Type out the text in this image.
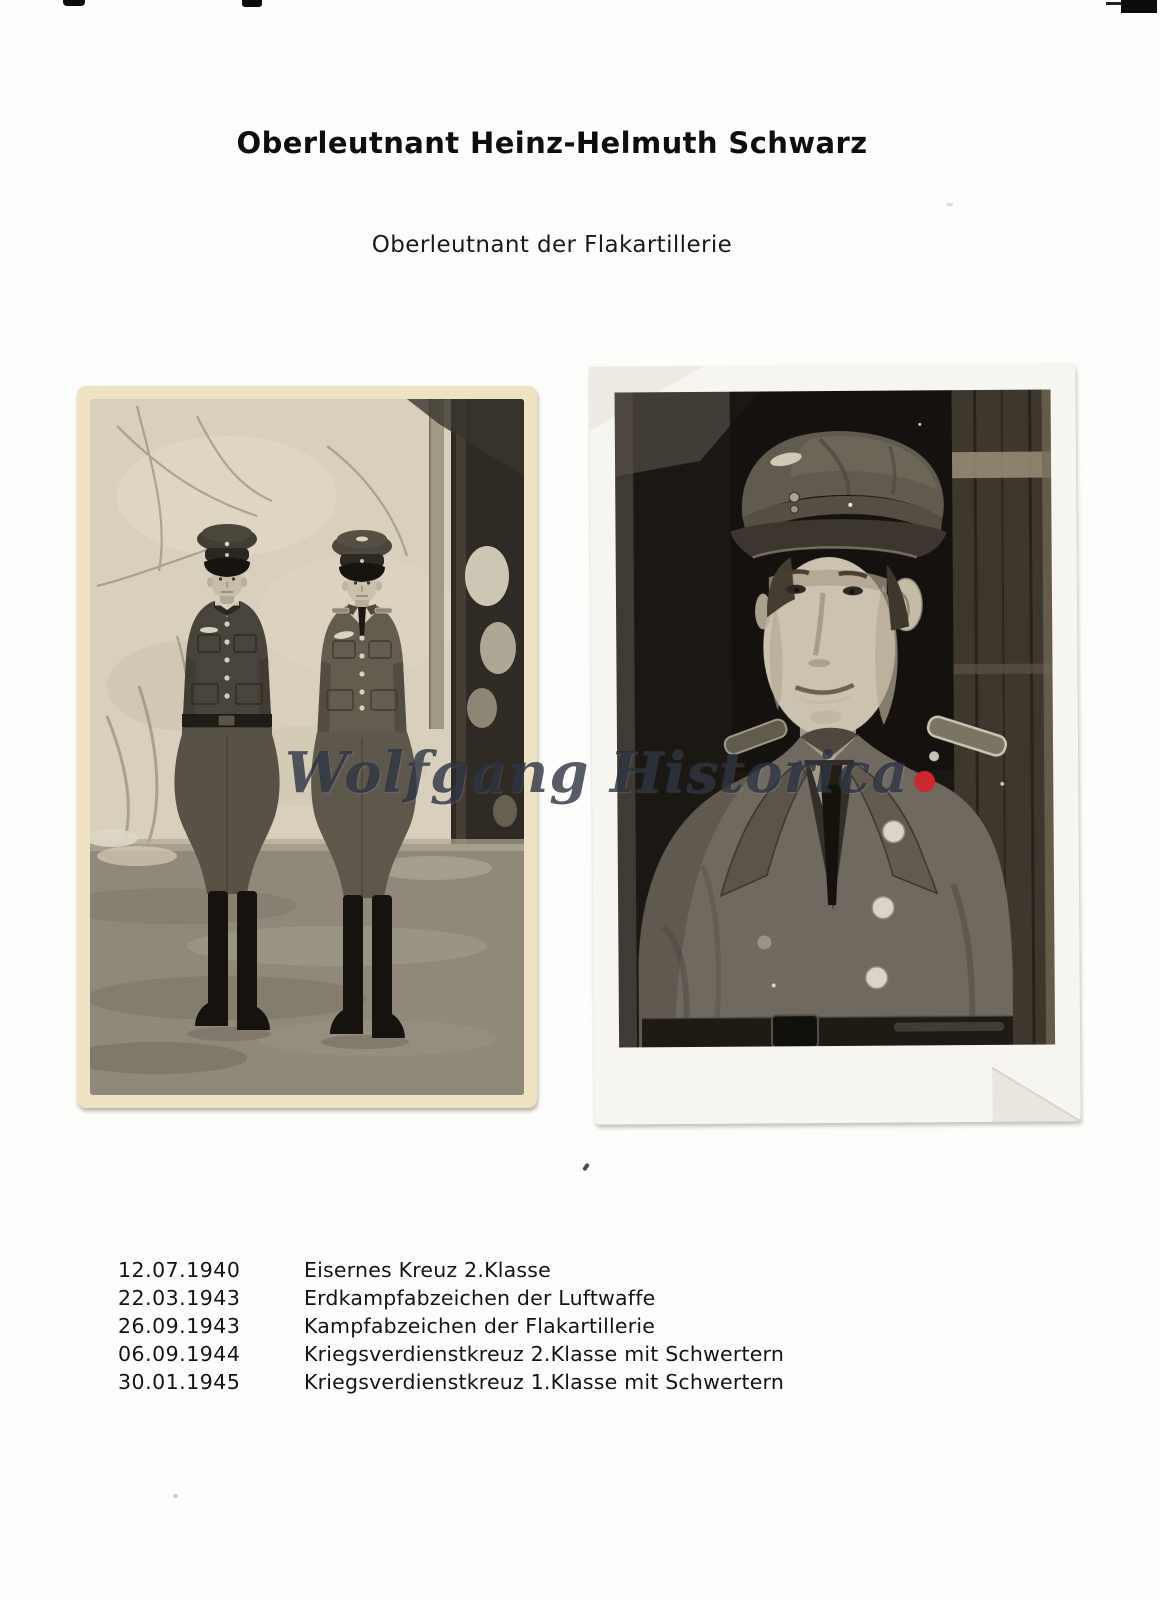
Oberleutnant Heinz-Helmuth Schwarz
Oberleutnant der Flakartillerie
Wolfgang Historica
12.07.1940	Eisernes Kreuz 2.Klasse
22.03.1943	Erdkampfabzeichen der Luftwaffe
26.09.1943	Kampfabzeichen der Flakartillerie
06.09.1944	Kriegsverdienstkreuz 2.Klasse mit Schwertern
30.01.1945	Kriegsverdienstkreuz 1.Klasse mit Schwertern
